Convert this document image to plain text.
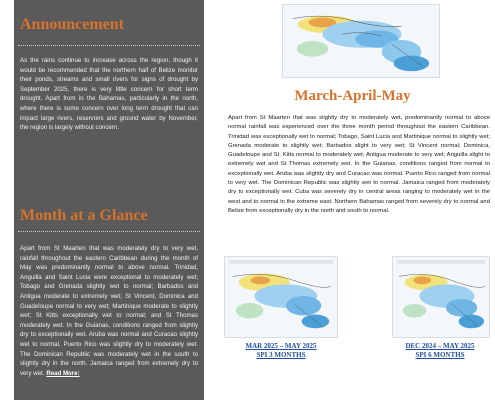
Announcement

As the rains continue to increase across the region, though it would be recommended that the northern half of Belize monitor their ponds, streams and small rivers for signs of drought by September 2025, there is very little concern for short term drought. Apart from in the Bahamas, particularly in the north, where there is some concern over long term drought that can impact large rivers, reservoirs and ground water by November, the region is largely without concern.

Month at a Glance

Apart from St Maarten that was moderately dry to very wet, rainfall throughout the eastern Caribbean during the month of May was predominantly normal to above normal. Trinidad, Anguilla and Saint Lucia were exceptional to moderately wet; Tobago and Grenada slightly wet to normal; Barbados and Antigua moderate to extremely wet; St Vincent, Dominica and Guadeloupe normal to very wet; Martinique moderate to slightly wet; St Kitts exceptionally wet to normal; and St Thomas moderately wet. In the Guianas, conditions ranged from slightly dry to exceptionally wet. Aruba was normal and Curacao slightly wet to normal. Puerto Rico was slightly dry to moderately wet. The Dominican Republic was moderately wet in the south to slightly dry in the north. Jamaica ranged from extremely dry to very wet. Read More:

March-April-May

Apart from St Maarten that was slightly dry to moderately wet, predominantly normal to above normal rainfall was experienced over the three month period throughout the eastern Caribbean. Trinidad was exceptionally wet to normal; Tobago, Saint Lucia and Martinique normal to slightly wet; Grenada moderate to slightly wet; Barbados slight to very wet; St Vincent normal; Dominica, Guadeloupe and St. Kitts normal to moderately wet; Antigua moderate to very wet; Anguilla slight to extremely wet and St Thomas extremely wet. In the Guianas, conditions ranged from normal to exceptionally wet. Aruba was slightly dry and Curacao was normal. Puerto Rico ranged from normal to very wet. The Dominican Republic was slightly wet to normal. Jamaica ranged from moderately dry to exceptionally wet. Cuba was severely dry in central areas ranging to moderately wet in the west and to normal in the extreme east. Northern Bahamas ranged from severely dry to normal and Belize from exceptionally dry in the north and south to normal.

MAR 2025 – MAY 2025
SPI 3 MONTHS
DEC 2024 – MAY 2025
SPI 6 MONTHS
